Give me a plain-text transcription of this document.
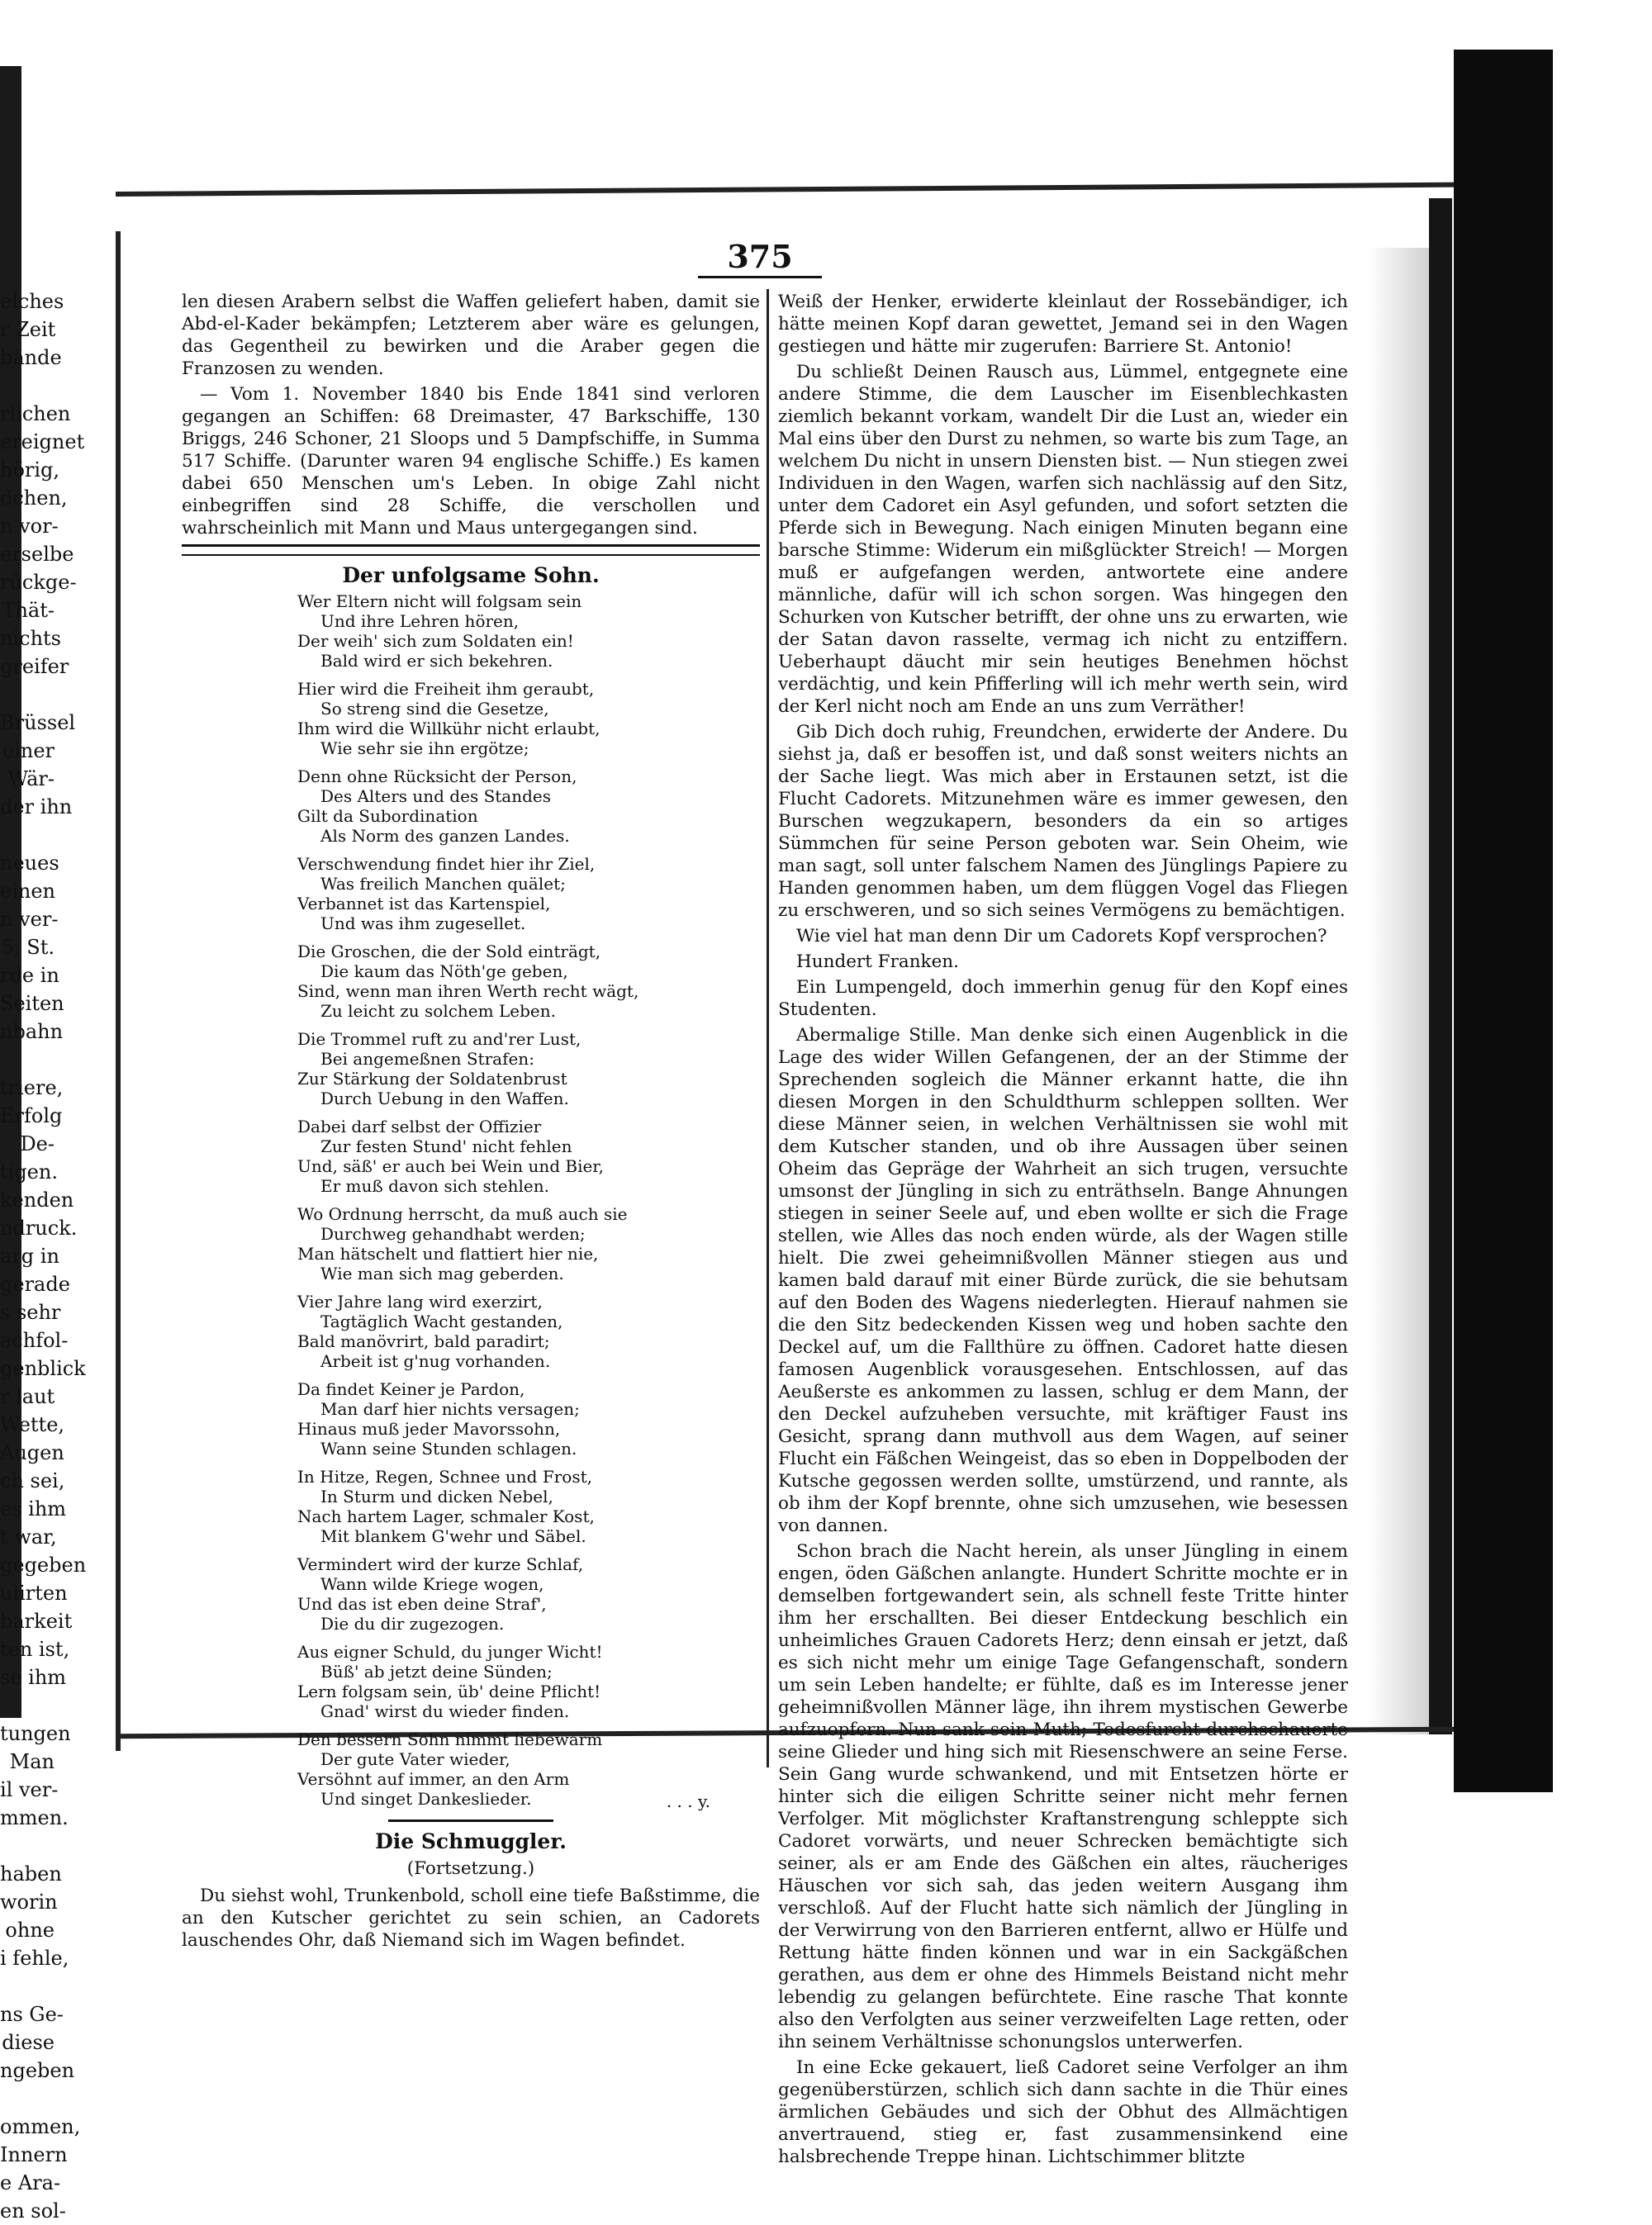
elches
r Zeit
bände
rlichen
ereignet
hörig,
dchen,
n vor-
erselbe
rückge-
Thät-
nichts
greifer
Brüssel
einer
Wär-
der ihn
neues
einen
n ver-
5, St.
rde in
Seiten
nbahn
triere,
Erfolg
De-
tigen.
kenden
ndruck.
arg in
gerade
s sehr
achfol-
genblick
r laut
Wette,
Augen
ch sei,
es ihm
t war,
gegeben
ulirten
barkeit
ten ist,
se ihm
tungen
Man
il ver-
mmen.
haben
worin
ohne
i fehle,
ns Ge-
diese
ngeben
ommen,
Innern
e Ara-
en sol-
375

len diesen Arabern selbst die Waffen geliefert haben, damit sie Abd-el-Kader bekämpfen; Letzterem aber wäre es gelungen, das Gegentheil zu bewirken und die Araber gegen die Franzosen zu wenden.

— Vom 1. November 1840 bis Ende 1841 sind verloren gegangen an Schiffen: 68 Dreimaster, 47 Barkschiffe, 130 Briggs, 246 Schoner, 21 Sloops und 5 Dampfschiffe, in Summa 517 Schiffe. (Darunter waren 94 englische Schiffe.) Es kamen dabei 650 Menschen um's Leben. In obige Zahl nicht einbegriffen sind 28 Schiffe, die verschollen und wahrscheinlich mit Mann und Maus untergegangen sind.

Der unfolgsame Sohn.
Wer Eltern nicht will folgsam sein
Und ihre Lehren hören,
Der weih' sich zum Soldaten ein!
Bald wird er sich bekehren.
Hier wird die Freiheit ihm geraubt,
So streng sind die Gesetze,
Ihm wird die Willkühr nicht erlaubt,
Wie sehr sie ihn ergötze;
Denn ohne Rücksicht der Person,
Des Alters und des Standes
Gilt da Subordination
Als Norm des ganzen Landes.
Verschwendung findet hier ihr Ziel,
Was freilich Manchen quälet;
Verbannet ist das Kartenspiel,
Und was ihm zugesellet.
Die Groschen, die der Sold einträgt,
Die kaum das Nöth'ge geben,
Sind, wenn man ihren Werth recht wägt,
Zu leicht zu solchem Leben.
Die Trommel ruft zu and'rer Lust,
Bei angemeßnen Strafen:
Zur Stärkung der Soldatenbrust
Durch Uebung in den Waffen.
Dabei darf selbst der Offizier
Zur festen Stund' nicht fehlen
Und, säß' er auch bei Wein und Bier,
Er muß davon sich stehlen.
Wo Ordnung herrscht, da muß auch sie
Durchweg gehandhabt werden;
Man hätschelt und flattiert hier nie,
Wie man sich mag geberden.
Vier Jahre lang wird exerzirt,
Tagtäglich Wacht gestanden,
Bald manövrirt, bald paradirt;
Arbeit ist g'nug vorhanden.
Da findet Keiner je Pardon,
Man darf hier nichts versagen;
Hinaus muß jeder Mavorssohn,
Wann seine Stunden schlagen.
In Hitze, Regen, Schnee und Frost,
In Sturm und dicken Nebel,
Nach hartem Lager, schmaler Kost,
Mit blankem G'wehr und Säbel.
Vermindert wird der kurze Schlaf,
Wann wilde Kriege wogen,
Und das ist eben deine Straf',
Die du dir zugezogen.
Aus eigner Schuld, du junger Wicht!
Büß' ab jetzt deine Sünden;
Lern folgsam sein, üb' deine Pflicht!
Gnad' wirst du wieder finden.
Den bessern Sohn nimmt liebewarm
Der gute Vater wieder,
Versöhnt auf immer, an den Arm
Und singet Dankeslieder.	. . . y.
Die Schmuggler.
(Fortsetzung.)

Du siehst wohl, Trunkenbold, scholl eine tiefe Baßstimme, die an den Kutscher gerichtet zu sein schien, an Cadorets lauschendes Ohr, daß Niemand sich im Wagen befindet.

Weiß der Henker, erwiderte kleinlaut der Rossebändiger, ich hätte meinen Kopf daran gewettet, Jemand sei in den Wagen gestiegen und hätte mir zugerufen: Barriere St. Antonio!

Du schließt Deinen Rausch aus, Lümmel, entgegnete eine andere Stimme, die dem Lauscher im Eisenblechkasten ziemlich bekannt vorkam, wandelt Dir die Lust an, wieder ein Mal eins über den Durst zu nehmen, so warte bis zum Tage, an welchem Du nicht in unsern Diensten bist. — Nun stiegen zwei Individuen in den Wagen, warfen sich nachlässig auf den Sitz, unter dem Cadoret ein Asyl gefunden, und sofort setzten die Pferde sich in Bewegung. Nach einigen Minuten begann eine barsche Stimme: Widerum ein mißglückter Streich! — Morgen muß er aufgefangen werden, antwortete eine andere männliche, dafür will ich schon sorgen. Was hingegen den Schurken von Kutscher betrifft, der ohne uns zu erwarten, wie der Satan davon rasselte, vermag ich nicht zu entziffern. Ueberhaupt däucht mir sein heutiges Benehmen höchst verdächtig, und kein Pfifferling will ich mehr werth sein, wird der Kerl nicht noch am Ende an uns zum Verräther!

Gib Dich doch ruhig, Freundchen, erwiderte der Andere. Du siehst ja, daß er besoffen ist, und daß sonst weiters nichts an der Sache liegt. Was mich aber in Erstaunen setzt, ist die Flucht Cadorets. Mitzunehmen wäre es immer gewesen, den Burschen wegzukapern, besonders da ein so artiges Sümmchen für seine Person geboten war. Sein Oheim, wie man sagt, soll unter falschem Namen des Jünglings Papiere zu Handen genommen haben, um dem flüggen Vogel das Fliegen zu erschweren, und so sich seines Vermögens zu bemächtigen.

Wie viel hat man denn Dir um Cadorets Kopf versprochen?

Hundert Franken.

Ein Lumpengeld, doch immerhin genug für den Kopf eines Studenten.

Abermalige Stille. Man denke sich einen Augenblick in die Lage des wider Willen Gefangenen, der an der Stimme der Sprechenden sogleich die Männer erkannt hatte, die ihn diesen Morgen in den Schuldthurm schleppen sollten. Wer diese Männer seien, in welchen Verhältnissen sie wohl mit dem Kutscher standen, und ob ihre Aussagen über seinen Oheim das Gepräge der Wahrheit an sich trugen, versuchte umsonst der Jüngling in sich zu enträthseln. Bange Ahnungen stiegen in seiner Seele auf, und eben wollte er sich die Frage stellen, wie Alles das noch enden würde, als der Wagen stille hielt. Die zwei geheimnißvollen Männer stiegen aus und kamen bald darauf mit einer Bürde zurück, die sie behutsam auf den Boden des Wagens niederlegten. Hierauf nahmen sie die den Sitz bedeckenden Kissen weg und hoben sachte den Deckel auf, um die Fallthüre zu öffnen. Cadoret hatte diesen famosen Augenblick vorausgesehen. Entschlossen, auf das Aeußerste es ankommen zu lassen, schlug er dem Mann, der den Deckel aufzuheben versuchte, mit kräftiger Faust ins Gesicht, sprang dann muthvoll aus dem Wagen, auf seiner Flucht ein Fäßchen Weingeist, das so eben in Doppelboden der Kutsche gegossen werden sollte, umstürzend, und rannte, als ob ihm der Kopf brennte, ohne sich umzusehen, wie besessen von dannen.

Schon brach die Nacht herein, als unser Jüngling in einem engen, öden Gäßchen anlangte. Hundert Schritte mochte er in demselben fortgewandert sein, als schnell feste Tritte hinter ihm her erschallten. Bei dieser Entdeckung beschlich ein unheimliches Grauen Cadorets Herz; denn einsah er jetzt, daß es sich nicht mehr um einige Tage Gefangenschaft, sondern um sein Leben handelte; er fühlte, daß es im Interesse jener geheimnißvollen Männer läge, ihn ihrem mystischen Gewerbe aufzuopfern. Nun sank sein Muth; Todesfurcht durchschauerte seine Glieder und hing sich mit Riesenschwere an seine Ferse. Sein Gang wurde schwankend, und mit Entsetzen hörte er hinter sich die eiligen Schritte seiner nicht mehr fernen Verfolger. Mit möglichster Kraftanstrengung schleppte sich Cadoret vorwärts, und neuer Schrecken bemächtigte sich seiner, als er am Ende des Gäßchen ein altes, räucheriges Häuschen vor sich sah, das jeden weitern Ausgang ihm verschloß. Auf der Flucht hatte sich nämlich der Jüngling in der Verwirrung von den Barrieren entfernt, allwo er Hülfe und Rettung hätte finden können und war in ein Sackgäßchen gerathen, aus dem er ohne des Himmels Beistand nicht mehr lebendig zu gelangen befürchtete. Eine rasche That konnte also den Verfolgten aus seiner verzweifelten Lage retten, oder ihn seinem Verhältnisse schonungslos unterwerfen.

In eine Ecke gekauert, ließ Cadoret seine Verfolger an ihm gegenüberstürzen, schlich sich dann sachte in die Thür eines ärmlichen Gebäudes und sich der Obhut des Allmächtigen anvertrauend, stieg er, fast zusammensinkend eine halsbrechende Treppe hinan. Lichtschimmer blitzte
